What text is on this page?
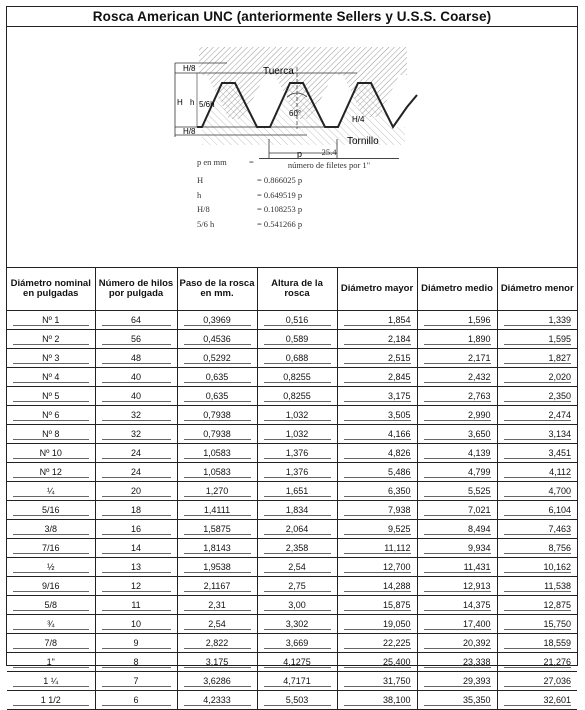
Rosca American UNC (anteriormente Sellers y U.S.S. Coarse)
H/8
H h 5/6h
H/8
Tuerca
60°
H/4
Tornillo
p
p en mm	=
25.4
número de filetes por 1"
H	= 0.866025 p
h	= 0.649519 p
H/8	= 0.108253 p
5/6 h	= 0.541266 p
Diámetro nominal en pulgadas	Número de hilos por pulgada	Paso de la rosca en mm.	Altura de la rosca	Diámetro mayor	Diámetro medio	Diámetro menor

Nº 1	64	0,3969	0,516	1,854	1,596	1,339

Nº 2	56	0,4536	0,589	2,184	1,890	1,595

Nº 3	48	0,5292	0,688	2,515	2,171	1,827

Nº 4	40	0,635	0,8255	2,845	2,432	2,020

Nº 5	40	0,635	0,8255	3,175	2,763	2,350

Nº 6	32	0,7938	1,032	3,505	2,990	2,474

Nº 8	32	0,7938	1,032	4,166	3,650	3,134

Nº 10	24	1,0583	1,376	4,826	4,139	3,451

Nº 12	24	1,0583	1,376	5,486	4,799	4,112

¼	20	1,270	1,651	6,350	5,525	4,700

5/16	18	1,4111	1,834	7,938	7,021	6,104

3/8	16	1,5875	2,064	9,525	8,494	7,463

7/16	14	1,8143	2,358	11,112	9,934	8,756

½	13	1,9538	2,54	12,700	11,431	10,162

9/16	12	2,1167	2,75	14,288	12,913	11,538

5/8	11	2,31	3,00	15,875	14,375	12,875

¾	10	2,54	3,302	19,050	17,400	15,750

7/8	9	2,822	3,669	22,225	20,392	18,559

1"	8	3,175	4,1275	25,400	23,338	21,276

1 ¼	7	3,6286	4,7171	31,750	29,393	27,036

1 1/2	6	4,2333	5,503	38,100	35,350	32,601
